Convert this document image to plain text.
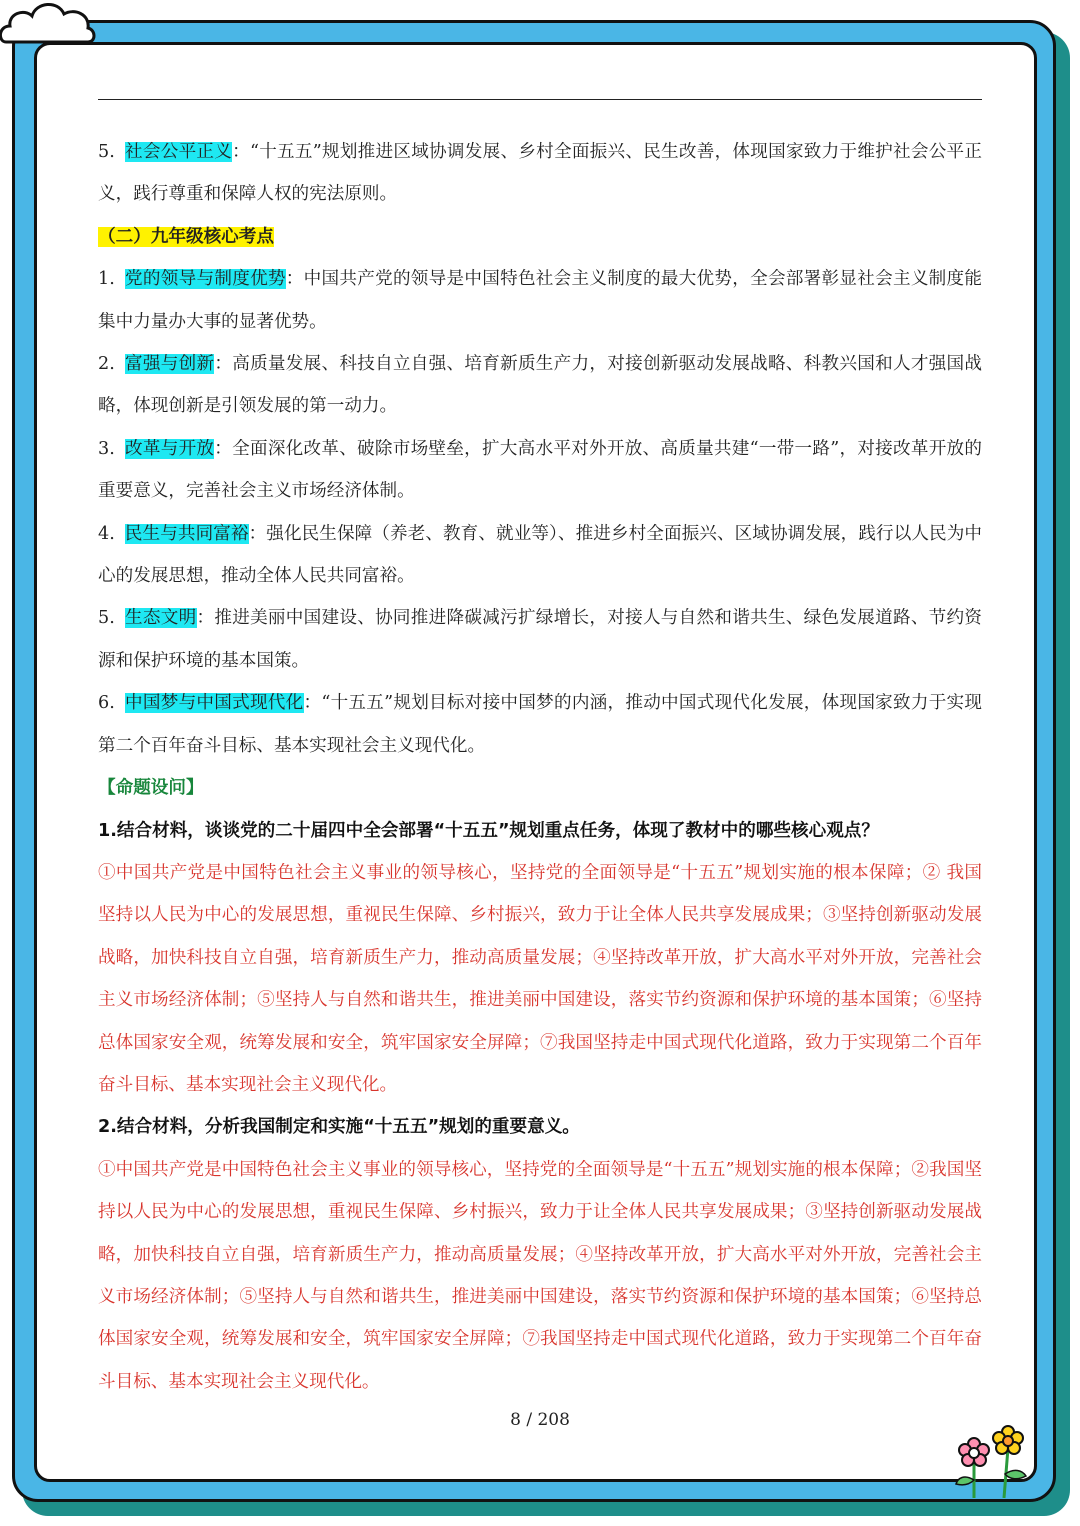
5. 社会公平正义：“十五五”规划推进区域协调发展、乡村全面振兴、民生改善，体现国家致力于维护社会公平正义，践行尊重和保障人权的宪法原则。

（二）九年级核心考点

1. 党的领导与制度优势：中国共产党的领导是中国特色社会主义制度的最大优势，全会部署彰显社会主义制度能集中力量办大事的显著优势。

2. 富强与创新：高质量发展、科技自立自强、培育新质生产力，对接创新驱动发展战略、科教兴国和人才强国战略，体现创新是引领发展的第一动力。

3. 改革与开放：全面深化改革、破除市场壁垒，扩大高水平对外开放、高质量共建“一带一路”，对接改革开放的重要意义，完善社会主义市场经济体制。

4. 民生与共同富裕：强化民生保障（养老、教育、就业等）、推进乡村全面振兴、区域协调发展，践行以人民为中心的发展思想，推动全体人民共同富裕。

5. 生态文明：推进美丽中国建设、协同推进降碳减污扩绿增长，对接人与自然和谐共生、绿色发展道路、节约资源和保护环境的基本国策。

6. 中国梦与中国式现代化：“十五五”规划目标对接中国梦的内涵，推动中国式现代化发展，体现国家致力于实现第二个百年奋斗目标、基本实现社会主义现代化。

【命题设问】

1.结合材料，谈谈党的二十届四中全会部署“十五五”规划重点任务，体现了教材中的哪些核心观点？

①中国共产党是中国特色社会主义事业的领导核心，坚持党的全面领导是“十五五”规划实施的根本保障；② 我国坚持以人民为中心的发展思想，重视民生保障、乡村振兴，致力于让全体人民共享发展成果；③坚持创新驱动发展战略，加快科技自立自强，培育新质生产力，推动高质量发展；④坚持改革开放，扩大高水平对外开放，完善社会主义市场经济体制；⑤坚持人与自然和谐共生，推进美丽中国建设，落实节约资源和保护环境的基本国策；⑥坚持总体国家安全观，统筹发展和安全，筑牢国家安全屏障；⑦我国坚持走中国式现代化道路，致力于实现第二个百年奋斗目标、基本实现社会主义现代化。

2.结合材料，分析我国制定和实施“十五五”规划的重要意义。

①中国共产党是中国特色社会主义事业的领导核心，坚持党的全面领导是“十五五”规划实施的根本保障；②我国坚持以人民为中心的发展思想，重视民生保障、乡村振兴，致力于让全体人民共享发展成果；③坚持创新驱动发展战略，加快科技自立自强，培育新质生产力，推动高质量发展；④坚持改革开放，扩大高水平对外开放，完善社会主义市场经济体制；⑤坚持人与自然和谐共生，推进美丽中国建设，落实节约资源和保护环境的基本国策；⑥坚持总体国家安全观，统筹发展和安全，筑牢国家安全屏障；⑦我国坚持走中国式现代化道路，致力于实现第二个百年奋斗目标、基本实现社会主义现代化。

8 / 208
